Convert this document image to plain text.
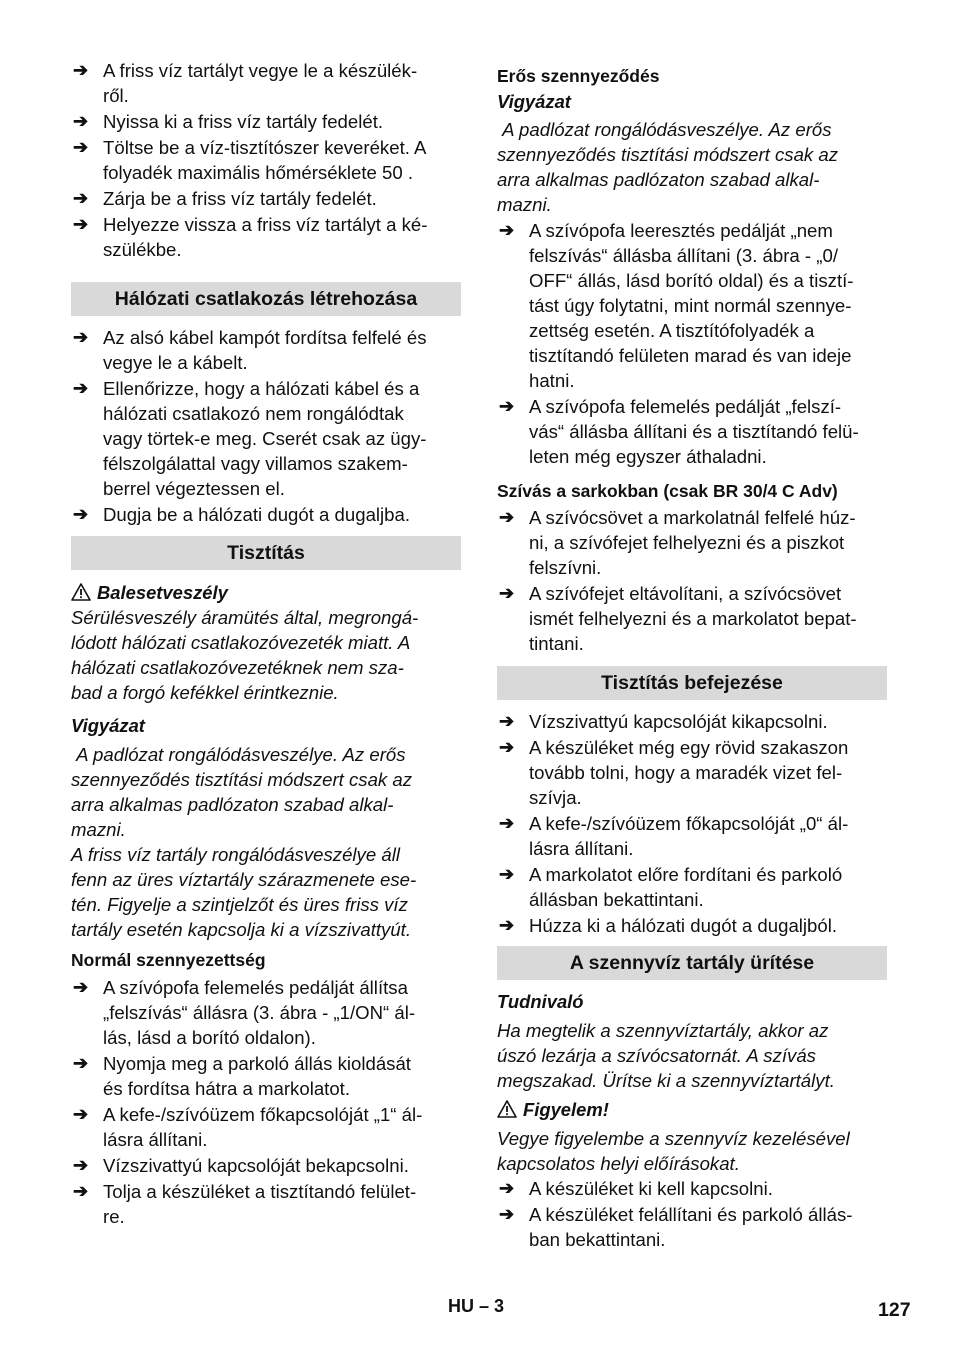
➔ A friss víz tartályt vegye le a készülék-
ről.
➔ Nyissa ki a friss víz tartály fedelét.
➔ Töltse be a víz-tisztítószer keveréket. A
folyadék maximális hőmérséklete 50 .
➔ Zárja be a friss víz tartály fedelét.
➔ Helyezze vissza a friss víz tartályt a ké-
szülékbe.
Hálózati csatlakozás létrehozása
➔ Az alsó kábel kampót fordítsa felfelé és
vegye le a kábelt.
➔ Ellenőrizze, hogy a hálózati kábel és a
hálózati csatlakozó nem rongálódtak
vagy törtek-e meg. Cserét csak az ügy-
félszolgálattal vagy villamos szakem-
berrel végeztessen el.
➔ Dugja be a hálózati dugót a dugaljba.
Tisztítás
Balesetveszély
Sérülésveszély áramütés által, megrongá-
lódott hálózati csatlakozóvezeték miatt. A
hálózati csatlakozóvezetéknek nem sza-
bad a forgó kefékkel érintkeznie.
Vigyázat
A padlózat rongálódásveszélye. Az erős
szennyeződés tisztítási módszert csak az
arra alkalmas padlózaton szabad alkal-
mazni.
A friss víz tartály rongálódásveszélye áll
fenn az üres víztartály szárazmenete ese-
tén. Figyelje a szintjelzőt és üres friss víz
tartály esetén kapcsolja ki a vízszivattyút.
Normál szennyezettség
➔ A szívópofa felemelés pedálját állítsa
„felszívás“ állásra (3. ábra - „1/ON“ ál-
lás, lásd a borító oldalon).
➔ Nyomja meg a parkoló állás kioldását
és fordítsa hátra a markolatot.
➔ A kefe-/szívóüzem főkapcsolóját „1“ ál-
lásra állítani.
➔ Vízszivattyú kapcsolóját bekapcsolni.
➔ Tolja a készüléket a tisztítandó felület-
re.
Erős szennyeződés
Vigyázat
A padlózat rongálódásveszélye. Az erős
szennyeződés tisztítási módszert csak az
arra alkalmas padlózaton szabad alkal-
mazni.
➔ A szívópofa leeresztés pedálját „nem
felszívás“ állásba állítani (3. ábra - „0/
OFF“ állás, lásd borító oldal) és a tisztí-
tást úgy folytatni, mint normál szennye-
zettség esetén. A tisztítófolyadék a
tisztítandó felületen marad és van ideje
hatni.
➔ A szívópofa felemelés pedálját „felszí-
vás“ állásba állítani és a tisztítandó felü-
leten még egyszer áthaladni.
Szívás a sarkokban (csak BR 30/4 C Adv)
➔ A szívócsövet a markolatnál felfelé húz-
ni, a szívófejet felhelyezni és a piszkot
felszívni.
➔ A szívófejet eltávolítani, a szívócsövet
ismét felhelyezni és a markolatot bepat-
tintani.
Tisztítás befejezése
➔ Vízszivattyú kapcsolóját kikapcsolni.
➔ A készüléket még egy rövid szakaszon
tovább tolni, hogy a maradék vizet fel-
szívja.
➔ A kefe-/szívóüzem főkapcsolóját „0“ ál-
lásra állítani.
➔ A markolatot előre fordítani és parkoló
állásban bekattintani.
➔ Húzza ki a hálózati dugót a dugaljból.
A szennyvíz tartály ürítése
Tudnivaló
Ha megtelik a szennyvíztartály, akkor az
úszó lezárja a szívócsatornát. A szívás
megszakad. Ürítse ki a szennyvíztartályt.
Figyelem!
Vegye figyelembe a szennyvíz kezelésével
kapcsolatos helyi előírásokat.
➔ A készüléket ki kell kapcsolni.
➔ A készüléket felállítani és parkoló állás-
ban bekattintani.
HU – 3	127
